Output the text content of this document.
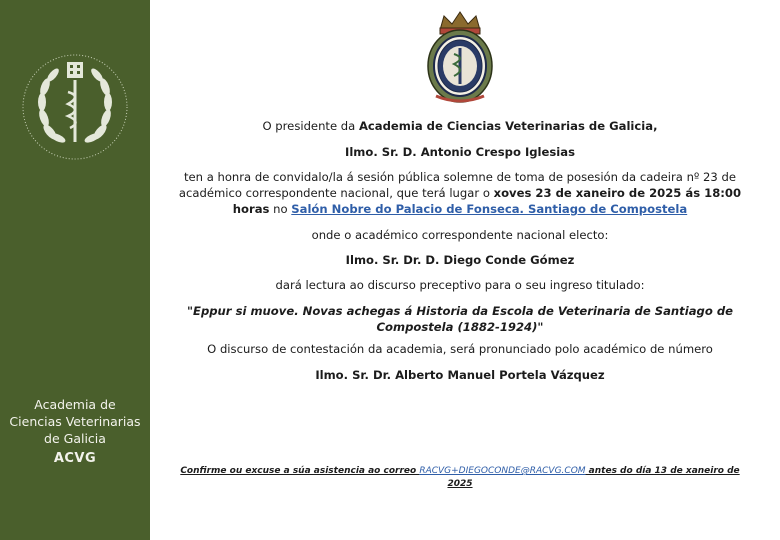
Academia de
Ciencias Veterinarias
de Galicia
ACVG

O presidente da Academia de Ciencias Veterinarias de Galicia,

Ilmo. Sr. D. Antonio Crespo Iglesias

ten a honra de convidalo/la á sesión pública solemne de toma de posesión da cadeira nº 23 de académico correspondente nacional, que terá lugar o xoves 23 de xaneiro de 2025 ás 18:00 horas no Salón Nobre do Palacio de Fonseca. Santiago de Compostela

onde o académico correspondente nacional electo:

Ilmo. Sr. Dr. D. Diego Conde Gómez

dará lectura ao discurso preceptivo para o seu ingreso titulado:

"Eppur si muove. Novas achegas á Historia da Escola de Veterinaria de Santiago de Compostela (1882-1924)"

O discurso de contestación da academia, será pronunciado polo académico de número

Ilmo. Sr. Dr. Alberto Manuel Portela Vázquez

Confirme ou excuse a súa asistencia ao correo RACVG+DIEGOCONDE@RACVG.COM antes do día 13 de xaneiro de 2025
